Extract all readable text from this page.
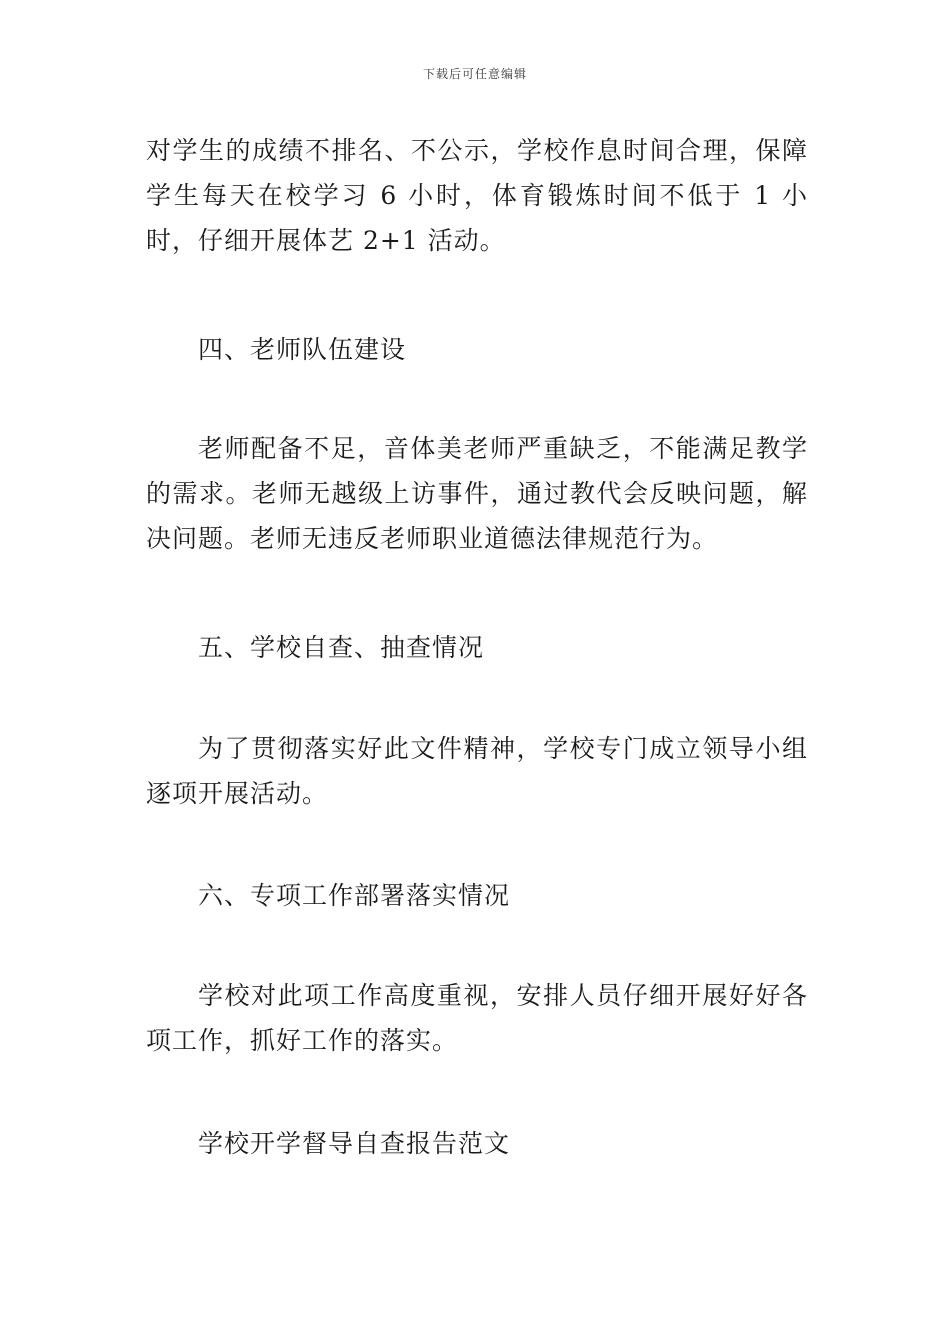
下载后可任意编辑

对学生的成绩不排名、不公示，学校作息时间合理，保障学生每天在校学习 6 小时，体育锻炼时间不低于 1 小时，仔细开展体艺 2+1 活动。

四、老师队伍建设

老师配备不足，音体美老师严重缺乏，不能满足教学的需求。老师无越级上访事件，通过教代会反映问题，解决问题。老师无违反老师职业道德法律规范行为。

五、学校自查、抽查情况

为了贯彻落实好此文件精神，学校专门成立领导小组逐项开展活动。

六、专项工作部署落实情况

学校对此项工作高度重视，安排人员仔细开展好好各项工作，抓好工作的落实。

学校开学督导自查报告范文
